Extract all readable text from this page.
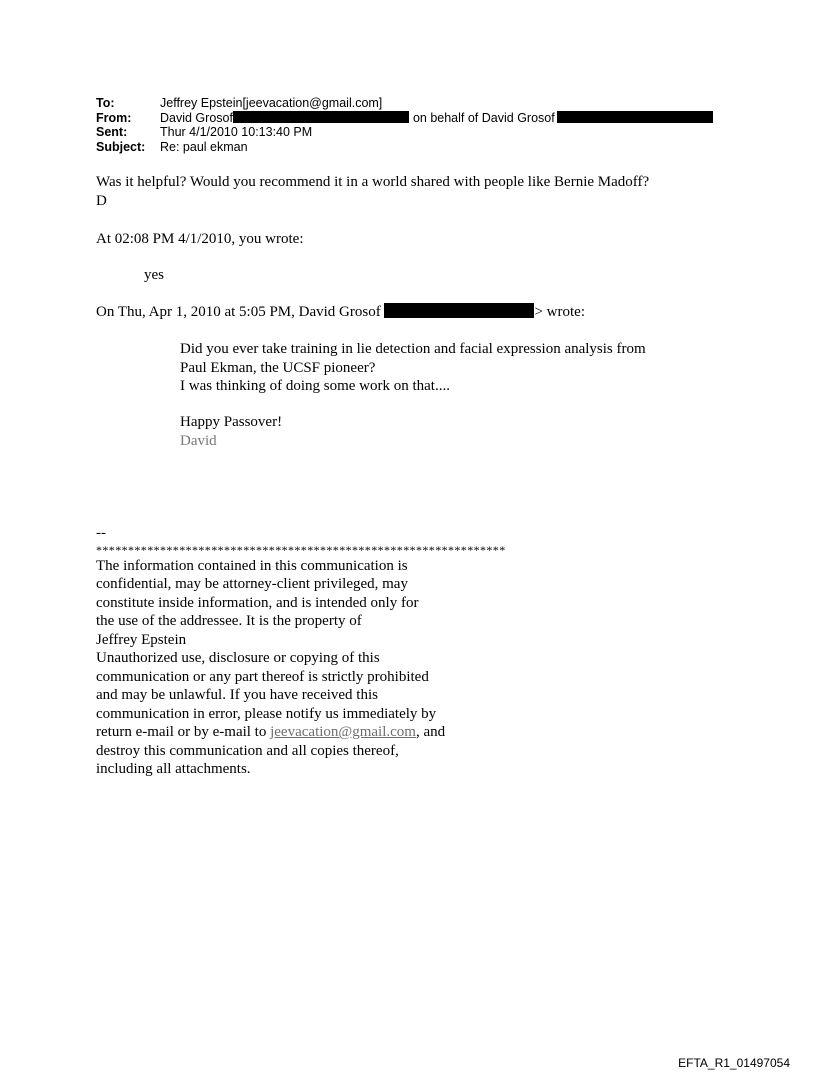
To:	Jeffrey Epstein[jeevacation@gmail.com]
From:	David Grosof	on behalf of David Grosof
Sent:	Thur 4/1/2010 10:13:40 PM
Subject:	Re: paul ekman
Was it helpful? Would you recommend it in a world shared with people like Bernie Madoff?
D
At 02:08 PM 4/1/2010, you wrote:
yes
On Thu, Apr 1, 2010 at 5:05 PM, David Grosof	> wrote:
Did you ever take training in lie detection and facial expression analysis from
Paul Ekman, the UCSF pioneer?
I was thinking of doing some work on that....
Happy Passover!
David
--
****************************************************************
The information contained in this communication is
confidential, may be attorney-client privileged, may
constitute inside information, and is intended only for
the use of the addressee. It is the property of
Jeffrey Epstein
Unauthorized use, disclosure or copying of this
communication or any part thereof is strictly prohibited
and may be unlawful. If you have received this
communication in error, please notify us immediately by
return e-mail or by e-mail to jeevacation@gmail.com, and
destroy this communication and all copies thereof,
including all attachments.
EFTA_R1_01497054
